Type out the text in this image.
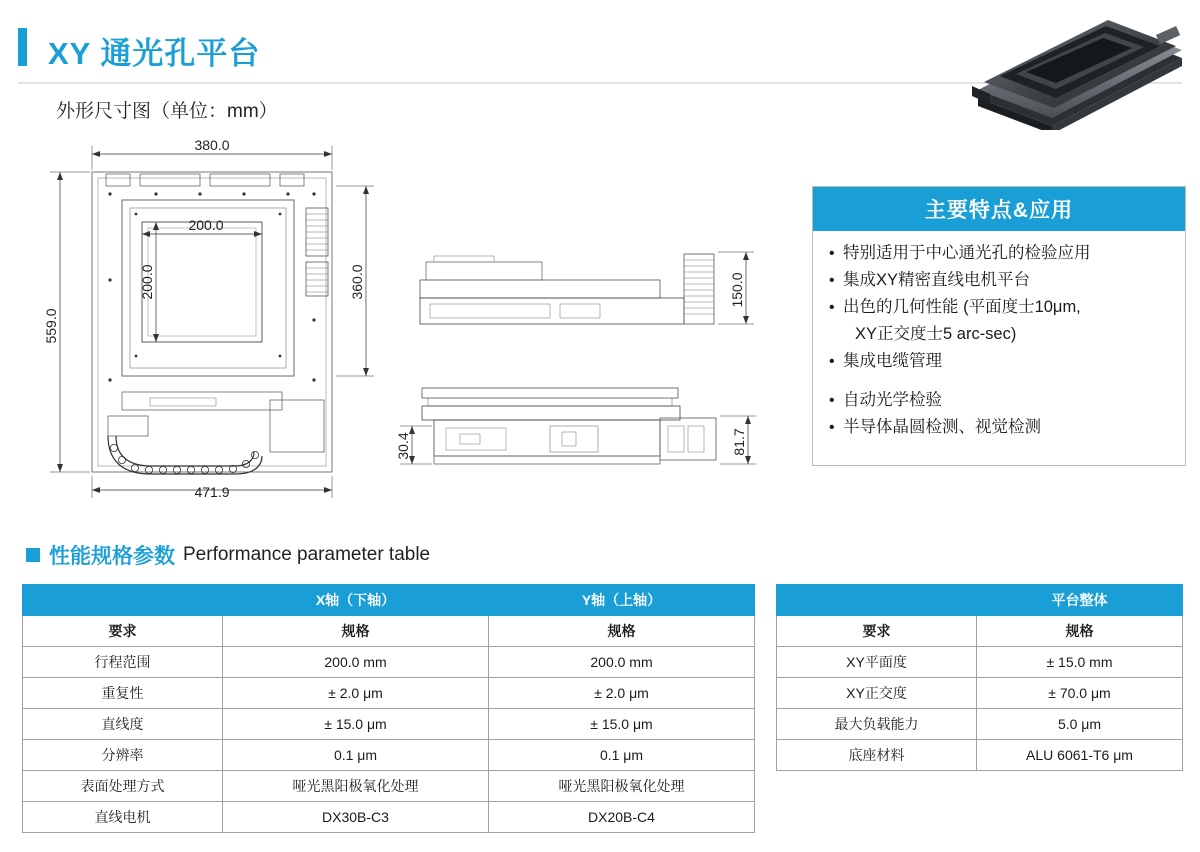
XY 通光孔平台
外形尺寸图（单位：mm）
380.0
200.0
471.9
559.0
200.0	360.0	150.0
81.7
30.4
主要特点&应用
• 特别适用于中心通光孔的检验应用
• 集成XY精密直线电机平台
• 出色的几何性能 (平面度士10μm,
XY正交度士5 arc-sec)
• 集成电缆管理
• 自动光学检验
• 半导体晶圆检测、视觉检测
性能规格参数 Performance parameter table
	X轴（下轴）	Y轴（上轴）
要求	规格	规格
行程范围	200.0 mm	200.0 mm
重复性	± 2.0 μm	± 2.0 μm
直线度	± 15.0 μm	± 15.0 μm
分辨率	0.1 μm	0.1 μm
表面处理方式	哑光黑阳极氧化处理	哑光黑阳极氧化处理
直线电机	DX30B-C3	DX20B-C4
	平台整体
要求	规格
XY平面度	± 15.0 mm
XY正交度	± 70.0 μm
最大负载能力	5.0 μm
底座材料	ALU 6061-T6 μm
